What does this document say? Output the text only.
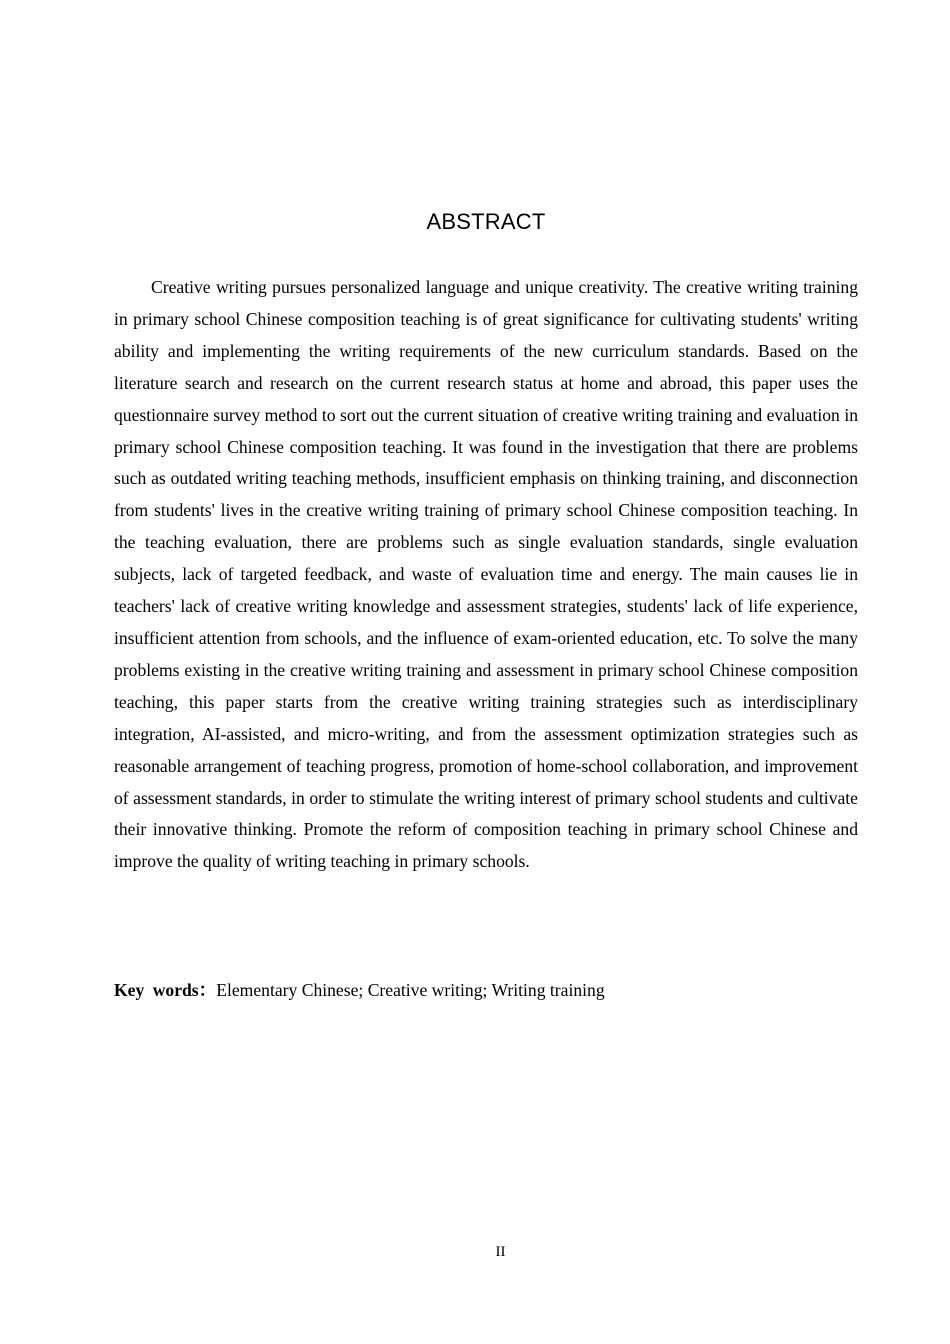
ABSTRACT

Creative writing pursues personalized language and unique creativity. The creative writing training in primary school Chinese composition teaching is of great significance for cultivating students' writing ability and implementing the writing requirements of the new curriculum standards. Based on the literature search and research on the current research status at home and abroad, this paper uses the questionnaire survey method to sort out the current situation of creative writing training and evaluation in primary school Chinese composition teaching. It was found in the investigation that there are problems such as outdated writing teaching methods, insufficient emphasis on thinking training, and disconnection from students' lives in the creative writing training of primary school Chinese composition teaching. In the teaching evaluation, there are problems such as single evaluation standards, single evaluation subjects, lack of targeted feedback, and waste of evaluation time and energy. The main causes lie in teachers' lack of creative writing knowledge and assessment strategies, students' lack of life experience, insufficient attention from schools, and the influence of exam-oriented education, etc. To solve the many problems existing in the creative writing training and assessment in primary school Chinese composition teaching, this paper starts from the creative writing training strategies such as interdisciplinary integration, AI-assisted, and micro-writing, and from the assessment optimization strategies such as reasonable arrangement of teaching progress, promotion of home-school collaboration, and improvement of assessment standards, in order to stimulate the writing interest of primary school students and cultivate their innovative thinking. Promote the reform of composition teaching in primary school Chinese and improve the quality of writing teaching in primary schools.

Key words：Elementary Chinese; Creative writing; Writing training

II
